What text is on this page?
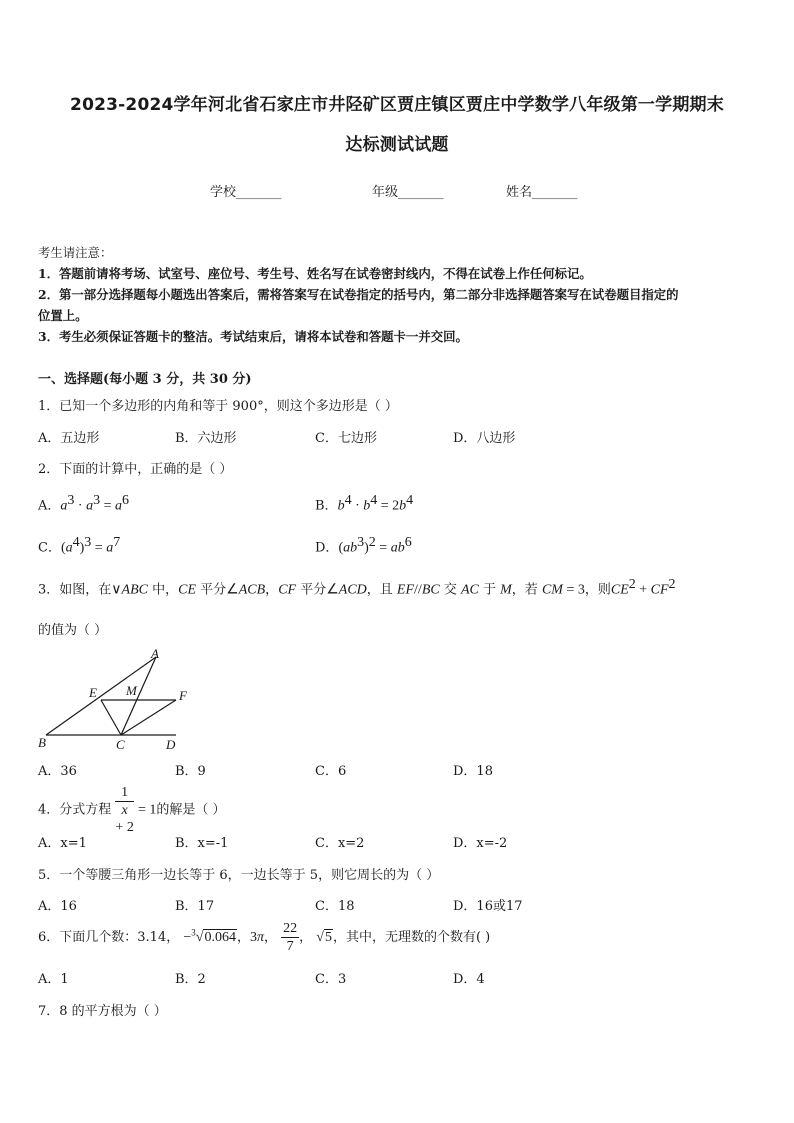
2023-2024学年河北省石家庄市井陉矿区贾庄镇区贾庄中学数学八年级第一学期期末
达标测试试题
学校_______	年级_______	姓名_______
考生请注意：
1．答题前请将考场、试室号、座位号、考生号、姓名写在试卷密封线内，不得在试卷上作任何标记。
2．第一部分选择题每小题选出答案后，需将答案写在试卷指定的括号内，第二部分非选择题答案写在试卷题目指定的
位置上。
3．考生必须保证答题卡的整洁。考试结束后，请将本试卷和答题卡一并交回。
一、选择题(每小题 3 分，共 30 分)
1．已知一个多边形的内角和等于 900°，则这个多边形是（ ）
A．五边形	B．六边形	C．七边形	D．八边形
2．下面的计算中，正确的是（ ）
A．$a^3 \cdot a^3 = a^6$	B．$b^4 \cdot b^4 = 2b^4$
C．$(a^4)^3 = a^7$	D．$(ab^3)^2 = ab^6$
3．如图，在∨ABC 中，CE 平分∠ACB，CF 平分∠ACD，且 EF//BC 交 AC 于 M，若 CM = 3，则$CE^2 + CF^2$
的值为（ ）
A
B	C	D
E	F
M
A．36	B．9	C．6	D．18
4．分式方程 1
x
+ 2 = 1的解是（ ）
A．x=1	B．x=-1	C．x=2	D．x=-2
5．一个等腰三角形一边长等于 6，一边长等于 5，则它周长的为（ ）
A．16	B．17	C．18	D．16或17
6．下面几个数：3.14， −$^3$√0.064，3π， $\frac{22}{7}$ ， √5，其中，无理数的个数有( )
A．1	B．2	C．3	D．4
7．8 的平方根为（ ）
